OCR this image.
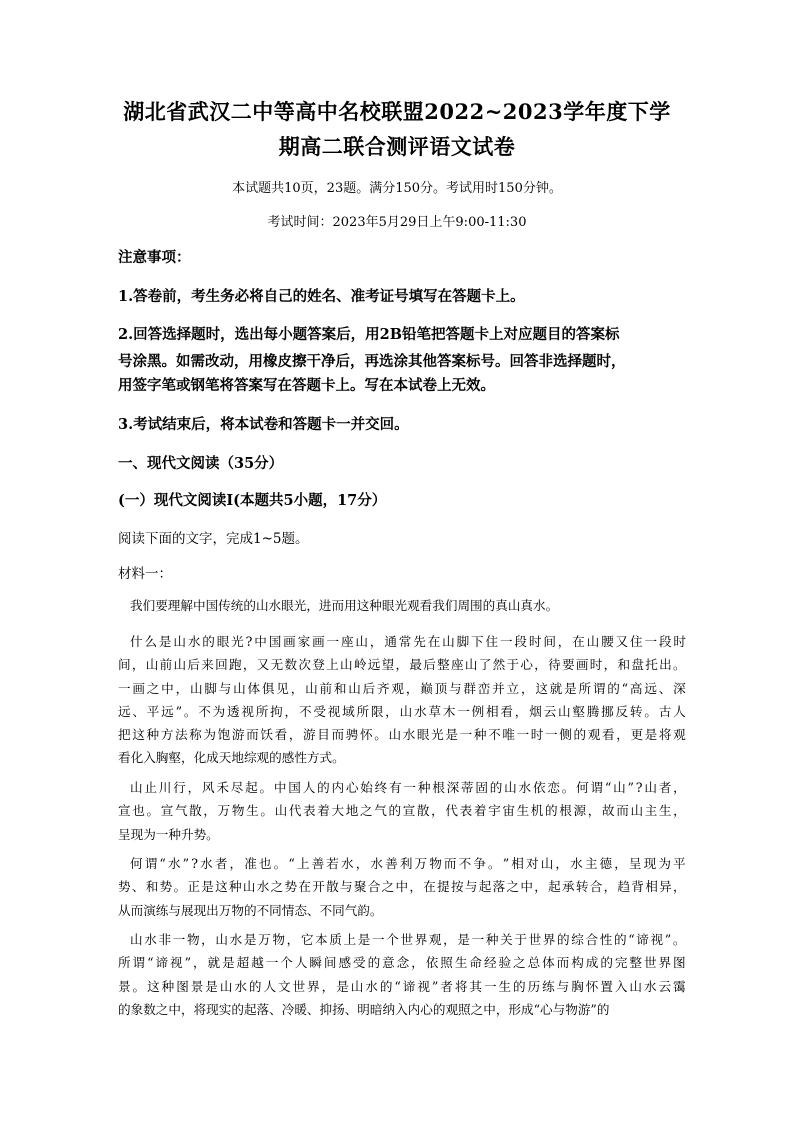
湖北省武汉二中等高中名校联盟2022~2023学年度下学
期高二联合测评语文试卷
本试题共10页，23题。满分150分。考试用时150分钟。
考试时间：2023年5月29日上午9:00-11:30
注意事项：
1.答卷前，考生务必将自己的姓名、准考证号填写在答题卡上。
2.回答选择题时，选出每小题答案后，用2B铅笔把答题卡上对应题目的答案标
号涂黑。如需改动，用橡皮擦干净后，再选涂其他答案标号。回答非选择题时，
用签字笔或钢笔将答案写在答题卡上。写在本试卷上无效。
3.考试结束后，将本试卷和答题卡一并交回。
一、现代文阅读（35分）
(一）现代文阅读Ⅰ(本题共5小题，17分）
阅读下面的文字，完成1~5题。
材料一：
我 们 要 理 解 中 国 传 统 的 山 水 眼 光 ， 进 而 用 这 种 眼 光 观 看 我 们 周 围 的 真 山 真 水 。
什 么 是 山 水 的 眼 光 ? 中 国 画 家 画 一 座 山 ， 通 常 先 在 山 脚 下 住 一 段 时 间 ， 在 山 腰 又 住 一 段 时
间 ， 山 前 山 后 来 回 跑 ， 又 无 数 次 登 上 山 岭 远 望 ， 最 后 整 座 山 了 然 于 心 ， 待 要 画 时 ， 和 盘 托 出 。
一 画 之 中 ， 山 脚 与 山 体 俱 见 ， 山 前 和 山 后 齐 观 ， 巅 顶 与 群 峦 并 立 ， 这 就 是 所 谓 的 “ 高 远 、 深
远 、 平 远 ” 。 不 为 透 视 所 拘 ， 不 受 视 域 所 限 ， 山 水 草 木 一 例 相 看 ， 烟 云 山 壑 腾 挪 反 转 。 古 人
把 这 种 方 法 称 为 饱 游 而 饫 看 ， 游 目 而 骋 怀 。 山 水 眼 光 是 一 种 不 唯 一 时 一 侧 的 观 看 ， 更 是 将 观
看 化 入 胸 壑 ， 化 成 天 地 综 观 的 感 性 方 式 。
山 止 川 行 ， 风 禾 尽 起 。 中 国 人 的 内 心 始 终 有 一 种 根 深 蒂 固 的 山 水 依 恋 。 何 谓 “ 山 ” ? 山 者 ，
宣 也 。 宣 气 散 ， 万 物 生 。 山 代 表 着 大 地 之 气 的 宣 散 ， 代 表 着 宇 宙 生 机 的 根 源 ， 故 而 山 主 生 ，
呈 现 为 一 种 升 势 。
何 谓 “ 水 ” ? 水 者 ， 准 也 。 “ 上 善 若 水 ， 水 善 利 万 物 而 不 争 。 ” 相 对 山 ， 水 主 德 ， 呈 现 为 平
势 、 和 势 。 正 是 这 种 山 水 之 势 在 开 散 与 聚 合 之 中 ， 在 提 按 与 起 落 之 中 ， 起 承 转 合 ， 趋 背 相 异 ，
从 而 演 练 与 展 现 出 万 物 的 不 同 情 态 、 不 同 气 韵 。
山 水 非 一 物 ， 山 水 是 万 物 ， 它 本 质 上 是 一 个 世 界 观 ， 是 一 种 关 于 世 界 的 综 合 性 的 “ 谛 视 ” 。
所 谓 “ 谛 视 ” ， 就 是 超 越 一 个 人 瞬 间 感 受 的 意 念 ， 依 照 生 命 经 验 之 总 体 而 构 成 的 完 整 世 界 图
景 。 这 种 图 景 是 山 水 的 人 文 世 界 ， 是 山 水 的 “ 谛 视 ” 者 将 其 一 生 的 历 练 与 胸 怀 置 入 山 水 云 霭
的 象 数 之 中 ， 将 现 实 的 起 落 、 冷 暖 、 抑 扬 、 明 暗 纳 入 内 心 的 观 照 之 中 ， 形 成 “ 心 与 物 游 ” 的
